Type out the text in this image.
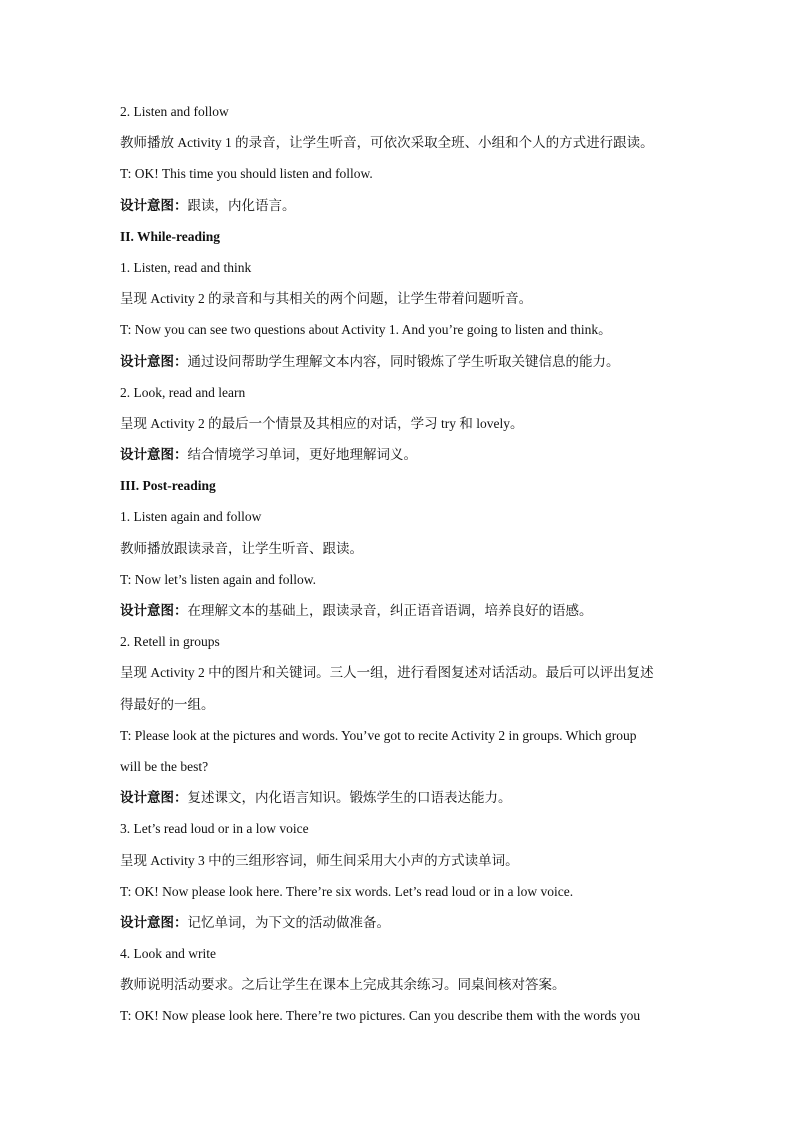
2. Listen and follow

教师播放 Activity 1 的录音，让学生听音，可依次采取全班、小组和个人的方式进行跟读。

T: OK! This time you should listen and follow.

设计意图：跟读，内化语言。

II. While-reading

1. Listen, read and think

呈现 Activity 2 的录音和与其相关的两个问题，让学生带着问题听音。

T: Now you can see two questions about Activity 1. And you’re going to listen and think。

设计意图：通过设问帮助学生理解文本内容，同时锻炼了学生听取关键信息的能力。

2. Look, read and learn

呈现 Activity 2 的最后一个情景及其相应的对话，学习 try 和 lovely。

设计意图：结合情境学习单词，更好地理解词义。

III. Post-reading

1. Listen again and follow

教师播放跟读录音，让学生听音、跟读。

T: Now let’s listen again and follow.

设计意图：在理解文本的基础上，跟读录音，纠正语音语调，培养良好的语感。

2. Retell in groups

呈现 Activity 2 中的图片和关键词。三人一组，进行看图复述对话活动。最后可以评出复述

得最好的一组。

T: Please look at the pictures and words. You’ve got to recite Activity 2 in groups. Which group

will be the best?

设计意图：复述课文，内化语言知识。锻炼学生的口语表达能力。

3. Let’s read loud or in a low voice

呈现 Activity 3 中的三组形容词，师生间采用大小声的方式读单词。

T: OK! Now please look here. There’re six words. Let’s read loud or in a low voice.

设计意图：记忆单词，为下文的活动做准备。

4. Look and write

教师说明活动要求。之后让学生在课本上完成其余练习。同桌间核对答案。

T: OK! Now please look here. There’re two pictures. Can you describe them with the words you
